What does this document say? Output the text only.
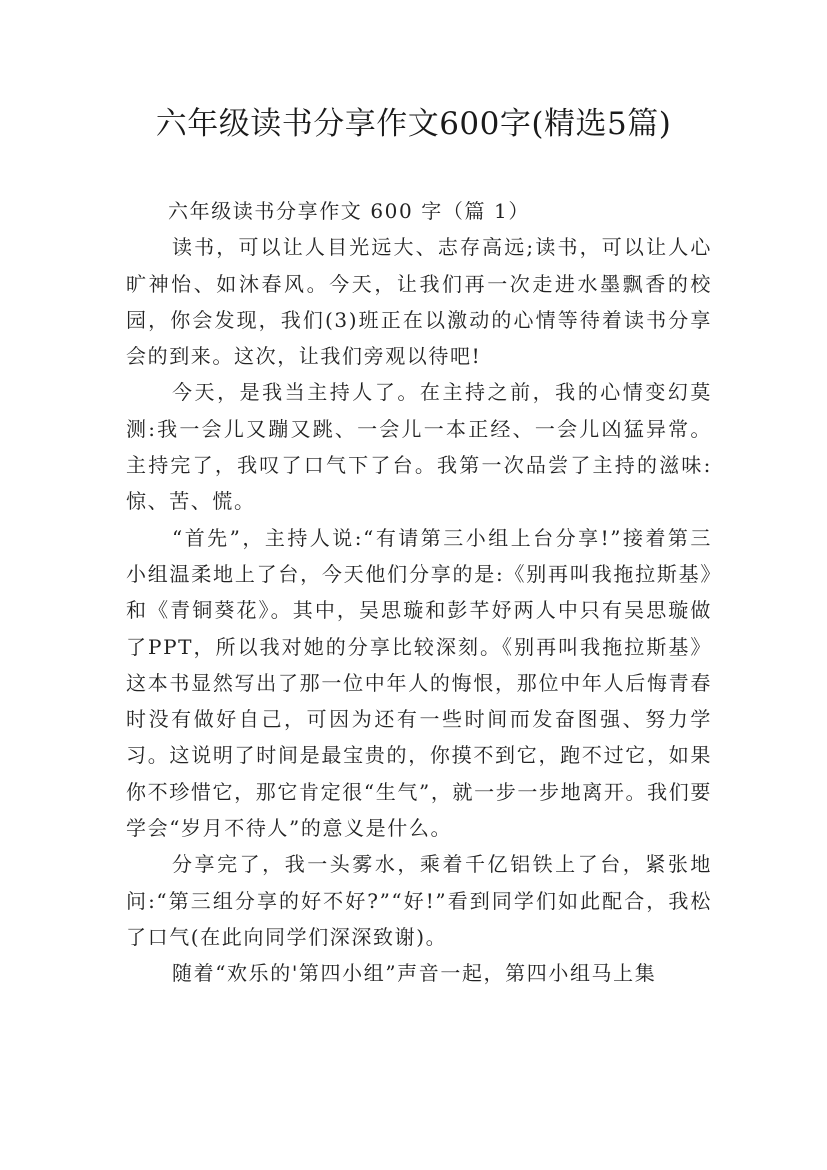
六年级读书分享作文600字(精选5篇)

六年级读书分享作文 600 字（篇 1）

读书，可以让人目光远大、志存高远;读书，可以让人心旷神怡、如沐春风。今天，让我们再一次走进水墨飘香的校园，你会发现，我们(3)班正在以激动的心情等待着读书分享会的到来。这次，让我们旁观以待吧!

今天，是我当主持人了。在主持之前，我的心情变幻莫测:我一会儿又蹦又跳、一会儿一本正经、一会儿凶猛异常。主持完了，我叹了口气下了台。我第一次品尝了主持的滋味:惊、苦、慌。

“首先”，主持人说:“有请第三小组上台分享!”接着第三小组温柔地上了台，今天他们分享的是:《别再叫我拖拉斯基》和《青铜葵花》。其中，吴思璇和彭芊妤两人中只有吴思璇做了PPT，所以我对她的分享比较深刻。《别再叫我拖拉斯基》这本书显然写出了那一位中年人的悔恨，那位中年人后悔青春时没有做好自己，可因为还有一些时间而发奋图强、努力学习。这说明了时间是最宝贵的，你摸不到它，跑不过它，如果你不珍惜它，那它肯定很“生气”，就一步一步地离开。我们要学会“岁月不待人”的意义是什么。

分享完了，我一头雾水，乘着千亿铝铁上了台，紧张地问:“第三组分享的好不好?”“好!”看到同学们如此配合，我松了口气(在此向同学们深深致谢)。

随着“欢乐的'第四小组”声音一起，第四小组马上集
